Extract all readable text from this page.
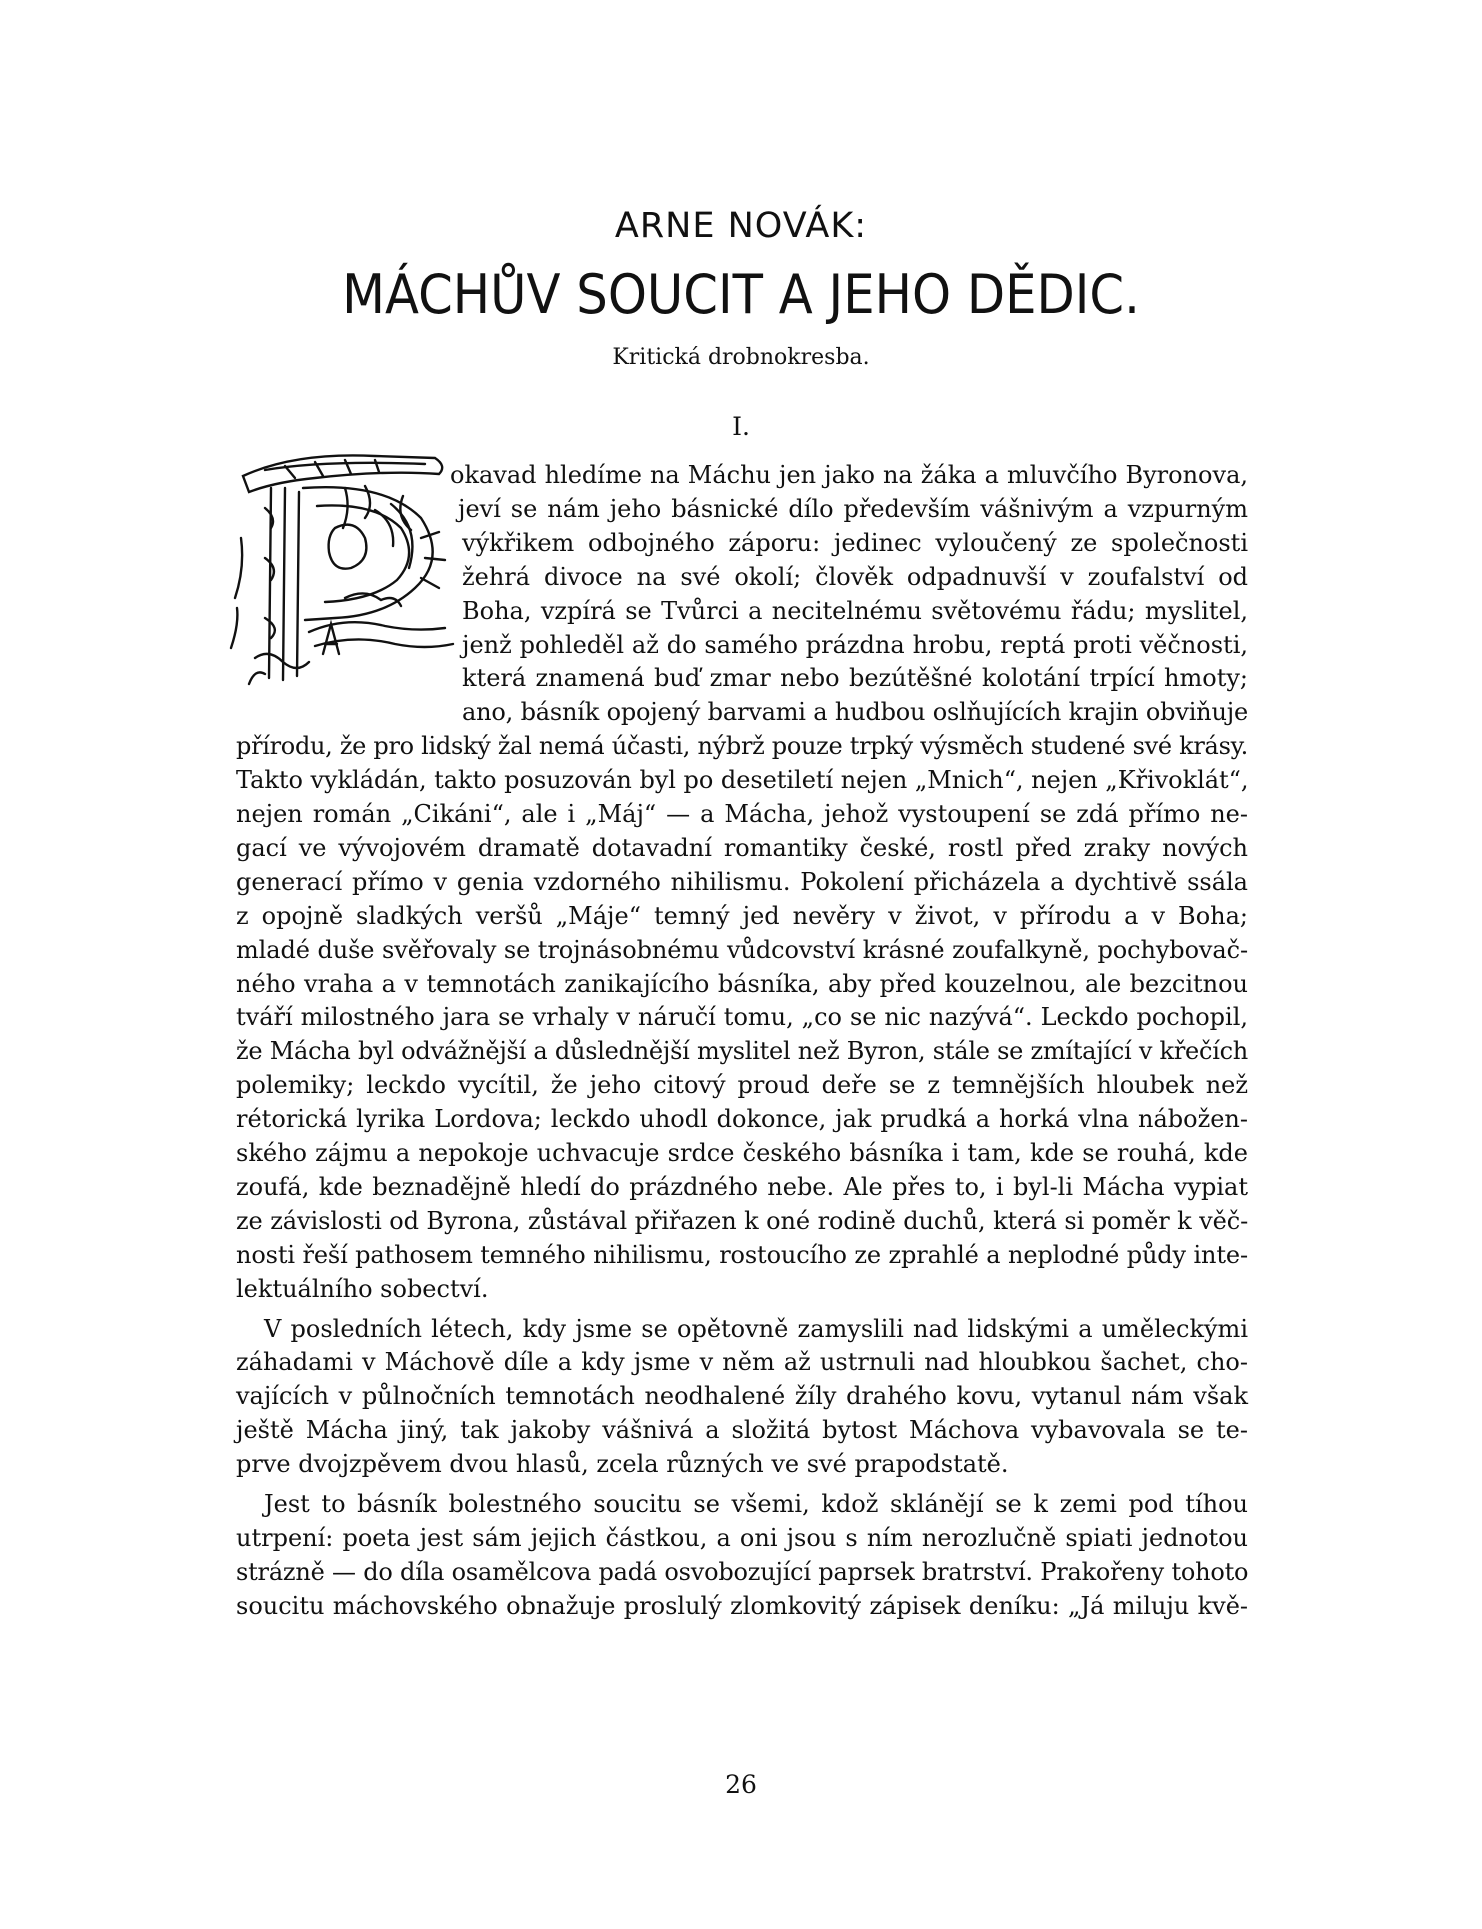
ARNE NOVÁK:
MÁCHŮV SOUCIT A JEHO DĚDIC.
Kritická drobnokresba.
I.
okavad hledíme na Máchu jen jako na žáka a mluvčího Byronova,
jeví se nám jeho básnické dílo především vášnivým a vzpurným
výkřikem odbojného záporu: jedinec vyloučený ze společnosti
žehrá divoce na své okolí; člověk odpadnuvší v zoufalství od
Boha, vzpírá se Tvůrci a necitelnému světovému řádu; myslitel,
jenž pohleděl až do samého prázdna hrobu, reptá proti věčnosti,
která znamená buď zmar nebo bezútěšné kolotání trpící hmoty;
ano, básník opojený barvami a hudbou oslňujících krajin obviňuje
přírodu, že pro lidský žal nemá účasti, nýbrž pouze trpký výsměch studené své krásy.
Takto vykládán, takto posuzován byl po desetiletí nejen „Mnich“, nejen „Křivoklát“,
nejen román „Cikáni“, ale i „Máj“ — a Mácha, jehož vystoupení se zdá přímo ne-
gací ve vývojovém dramatě dotavadní romantiky české, rostl před zraky nových
generací přímo v genia vzdorného nihilismu. Pokolení přicházela a dychtivě ssála
z opojně sladkých veršů „Máje“ temný jed nevěry v život, v přírodu a v Boha;
mladé duše svěřovaly se trojnásobnému vůdcovství krásné zoufalkyně, pochybovač-
ného vraha a v temnotách zanikajícího básníka, aby před kouzelnou, ale bezcitnou
tváří milostného jara se vrhaly v náručí tomu, „co se nic nazývá“. Leckdo pochopil,
že Mácha byl odvážnější a důslednější myslitel než Byron, stále se zmítající v křečích
polemiky; leckdo vycítil, že jeho citový proud deře se z temnějších hloubek než
rétorická lyrika Lordova; leckdo uhodl dokonce, jak prudká a horká vlna nábožen-
ského zájmu a nepokoje uchvacuje srdce českého básníka i tam, kde se rouhá, kde
zoufá, kde beznadějně hledí do prázdného nebe. Ale přes to, i byl-li Mácha vypiat
ze závislosti od Byrona, zůstával přiřazen k oné rodině duchů, která si poměr k věč-
nosti řeší pathosem temného nihilismu, rostoucího ze zprahlé a neplodné půdy inte-
lektuálního sobectví.
V posledních létech, kdy jsme se opětovně zamyslili nad lidskými a uměleckými
záhadami v Máchově díle a kdy jsme v něm až ustrnuli nad hloubkou šachet, cho-
vajících v půlnočních temnotách neodhalené žíly drahého kovu, vytanul nám však
ještě Mácha jiný, tak jakoby vášnivá a složitá bytost Máchova vybavovala se te-
prve dvojzpěvem dvou hlasů, zcela různých ve své prapodstatě.
Jest to básník bolestného soucitu se všemi, kdož sklánějí se k zemi pod tíhou
utrpení: poeta jest sám jejich částkou, a oni jsou s ním nerozlučně spiati jednotou
strázně — do díla osamělcova padá osvobozující paprsek bratrství. Prakořeny tohoto
soucitu máchovského obnažuje proslulý zlomkovitý zápisek deníku: „Já miluju kvě-
26
